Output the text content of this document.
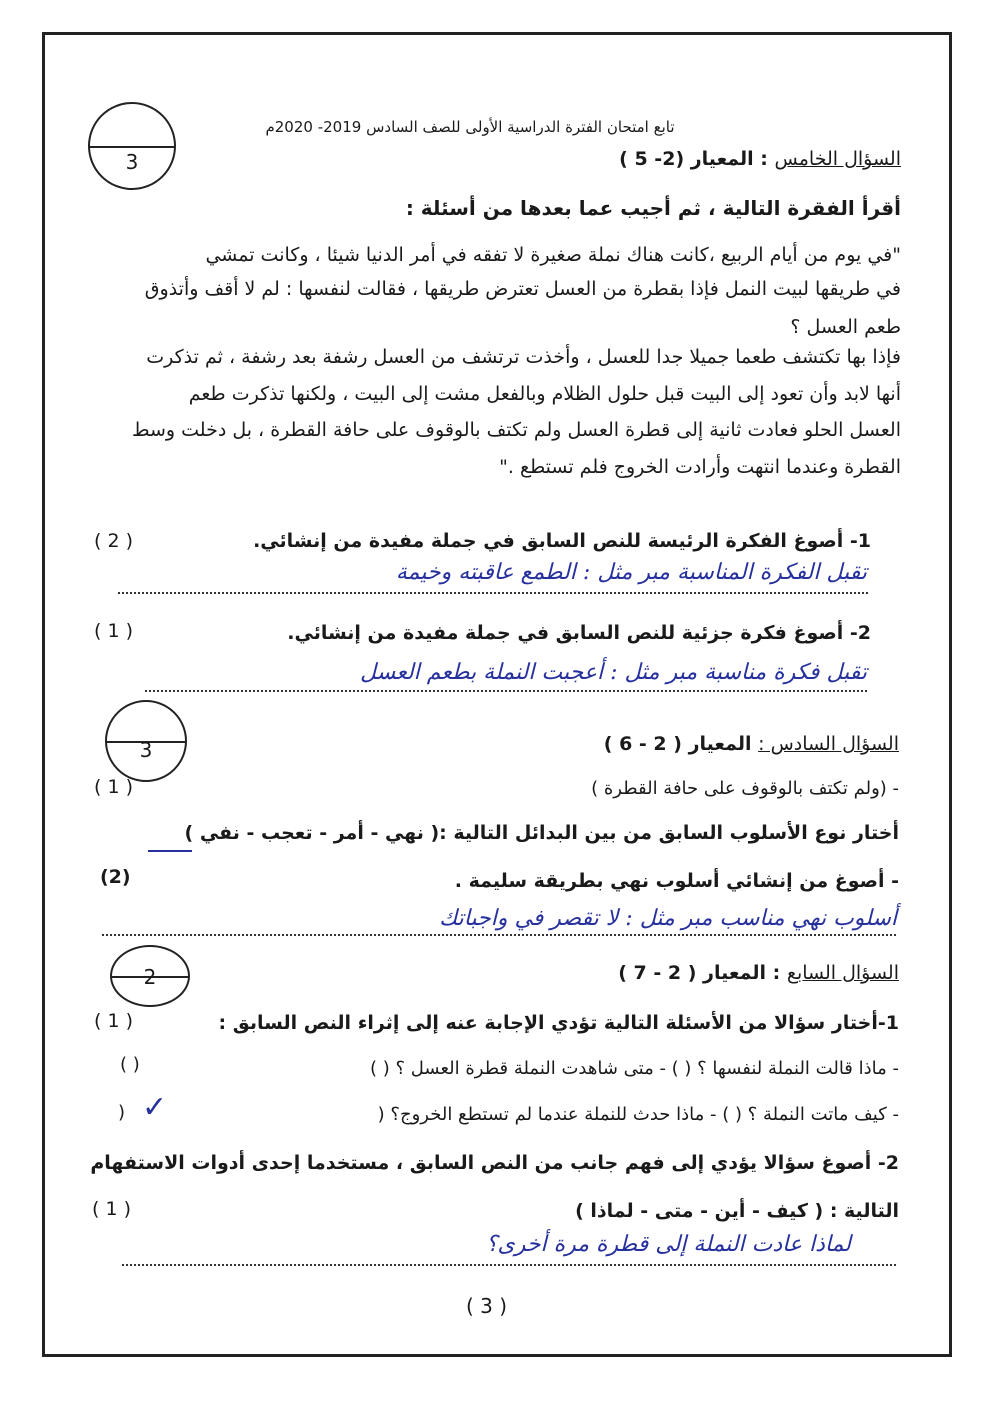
تابع امتحان الفترة الدراسية الأولى للصف السادس 2019- 2020م
3	السؤال الخامس : المعيار (2- 5 )
أقرأ الفقرة التالية ، ثم أجيب عما بعدها من أسئلة :
"في يوم من أيام الربيع ،كانت هناك نملة صغيرة لا تفقه في أمر الدنيا شيئا ، وكانت تمشي
في طريقها لبيت النمل فإذا بقطرة من العسل تعترض طريقها ، فقالت لنفسها : لم لا أقف وأتذوق
طعم العسل ؟
فإذا بها تكتشف طعما جميلا جدا للعسل ، وأخذت ترتشف من العسل رشفة بعد رشفة ، ثم تذكرت
أنها لابد وأن تعود إلى البيت قبل حلول الظلام وبالفعل مشت إلى البيت ، ولكنها تذكرت طعم
العسل الحلو فعادت ثانية إلى قطرة العسل ولم تكتف بالوقوف على حافة القطرة ، بل دخلت وسط
القطرة وعندما انتهت وأرادت الخروج فلم تستطع ."
1- أصوغ الفكرة الرئيسة للنص السابق في جملة مفيدة من إنشائي.
( 2 )
تقبل الفكرة المناسبة مبر مثل : الطمع عاقبته وخيمة
2- أصوغ فكرة جزئية للنص السابق في جملة مفيدة من إنشائي.
( 1 )
تقبل فكرة مناسبة مبر مثل : أعجبت النملة بطعم العسل
3	السؤال السادس : المعيار ( 2 - 6 )
- (ولم تكتف بالوقوف على حافة القطرة )
( 1 )
أختار نوع الأسلوب السابق من بين البدائل التالية :( نهي - أمر - تعجب - نفي )
- أصوغ من إنشائي أسلوب نهي بطريقة سليمة .
(2)
أسلوب نهي مناسب مبر مثل : لا تقصر في واجباتك
2	السؤال السابع : المعيار ( 2 - 7 )
1-أختار سؤالا من الأسئلة التالية تؤدي الإجابة عنه إلى إثراء النص السابق :
( 1 )
- ماذا قالت النملة لنفسها ؟ ( ) - متى شاهدت النملة قطرة العسل ؟ ( )
( )
- كيف ماتت النملة ؟ ( ) - ماذا حدث للنملة عندما لم تستطع الخروج؟ (
✓
)
2- أصوغ سؤالا يؤدي إلى فهم جانب من النص السابق ، مستخدما إحدى أدوات الاستفهام
التالية : ( كيف - أين - متى - لماذا )
( 1 )
لماذا عادت النملة إلى قطرة مرة أخرى؟
( 3 )
